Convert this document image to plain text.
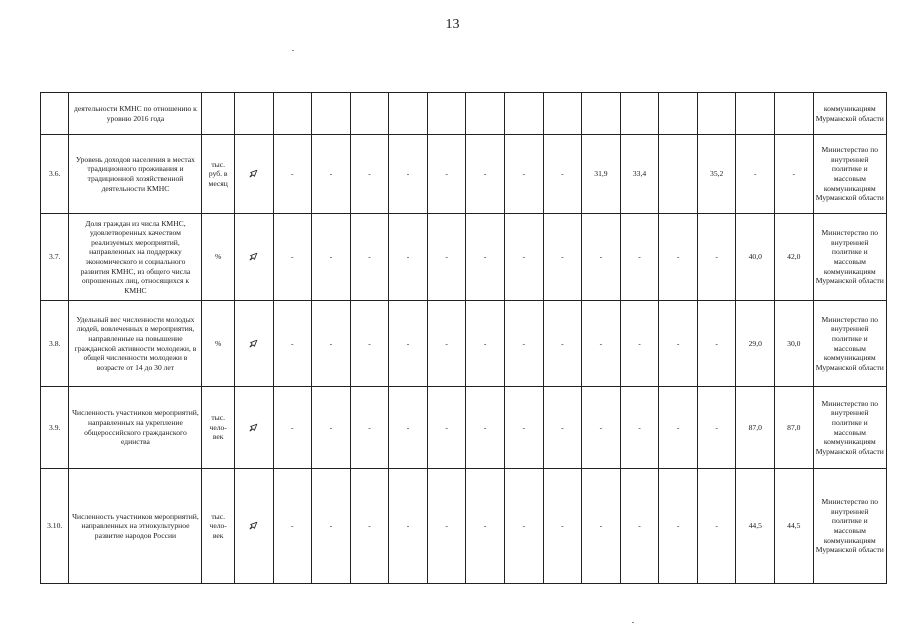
13
	деятельности КМНС по отношению к уровню 2016 года																	коммуникациям Мурманской области
3.6.	Уровень доходов населения в местах традиционного проживания и традиционной хозяйственной деятельности КМНС	тыс. руб. в месяц		-	-	-	-	-	-	-	-	31,9	33,4		35,2	-	-	Министерство по внутренней политике и массовым коммуникациям Мурманской области
3.7.	Доля граждан из числа КМНС, удовлетворенных качеством реализуемых мероприятий, направленных на поддержку экономического и социального развития КМНС, из общего числа опрошенных лиц, относящихся к КМНС	%		-	-	-	-	-	-	-	-	-	-	-	-	40,0	42,0	Министерство по внутренней политике и массовым коммуникациям Мурманской области
3.8.	Удельный вес численности молодых людей, вовлеченных в мероприятия, направленные на повышение гражданской активности молодежи, в общей численности молодежи в возрасте от 14 до 30 лет	%		-	-	-	-	-	-	-	-	-	-	-	-	29,0	30,0	Министерство по внутренней политике и массовым коммуникациям Мурманской области
3.9.	Численность участников мероприятий, направленных на укрепление общероссийского гражданского единства	тыс. чело-век		-	-	-	-	-	-	-	-	-	-	-	-	87,0	87,0	Министерство по внутренней политике и массовым коммуникациям Мурманской области
3.10.	Численность участников мероприятий, направленных на этнокультурное развитие народов России	тыс. чело-век		-	-	-	-	-	-	-	-	-	-	-	-	44,5	44,5	Министерство по внутренней политике и массовым коммуникациям Мурманской области
